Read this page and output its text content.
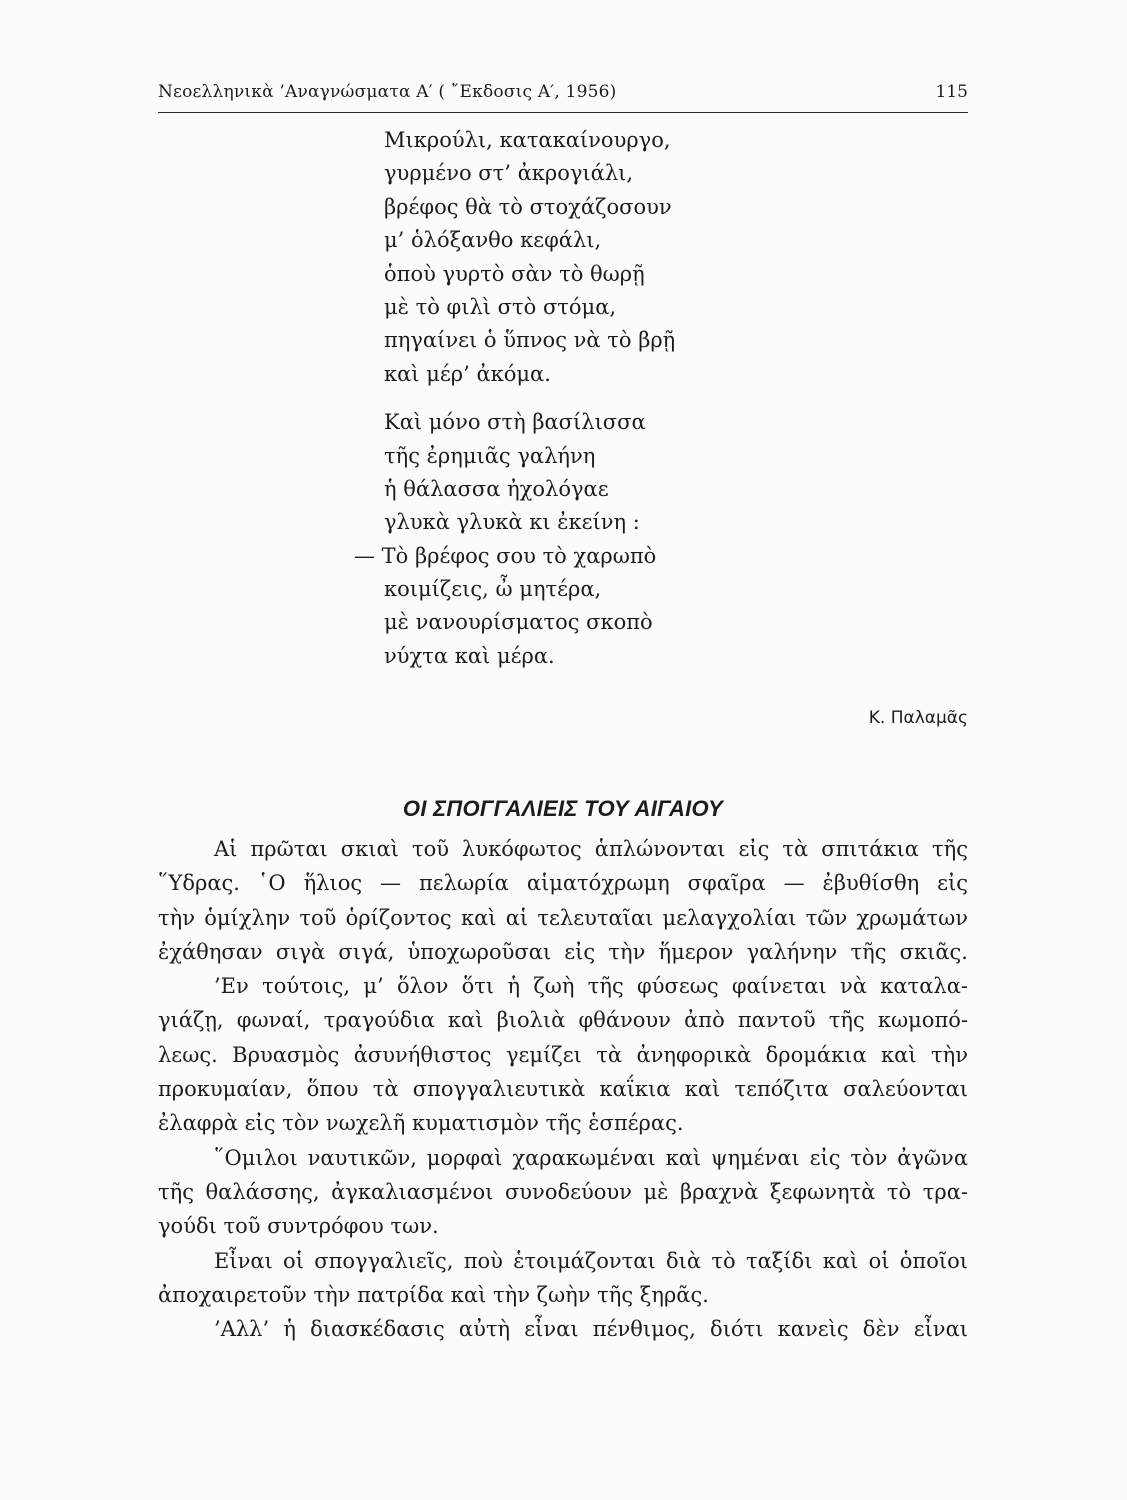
Νεοελληνικὰ ’Αναγνώσματα Α′ ( ῎Εκδοσις Α′, 1956)	115
Μικρούλι, κατακαίνουργο,
γυρμένο στ’ ἀκρογιάλι,
βρέφος θὰ τὸ στοχάζοσουν
μ’ ὁλόξανθο κεφάλι,
ὁποὺ γυρτὸ σὰν τὸ θωρῇ
μὲ τὸ φιλὶ στὸ στόμα,
πηγαίνει ὁ ὕπνος νὰ τὸ βρῇ
καὶ μέρ’ ἀκόμα.
Καὶ μόνο στὴ βασίλισσα
τῆς ἐρημιᾶς γαλήνη
ἡ θάλασσα ἠχολόγαε
γλυκὰ γλυκὰ κι ἐκείνη :
— Τὸ βρέφος σου τὸ χαρωπὸ
κοιμίζεις, ὦ μητέρα,
μὲ νανουρίσματος σκοπὸ
νύχτα καὶ μέρα.
Κ. Παλαμᾶς
ΟΙ ΣΠΟΓΓΑΛΙΕΙΣ ΤΟΥ ΑΙΓΑΙΟΥ
Αἱ πρῶται σκιαὶ τοῦ λυκόφωτος ἁπλώνονται εἰς τὰ σπιτάκια τῆς
῞Υδρας. ῾Ο ἥλιος — πελωρία αἱματόχρωμη σφαῖρα — ἐβυθίσθη εἰς
τὴν ὁμίχλην τοῦ ὁρίζοντος καὶ αἱ τελευταῖαι μελαγχολίαι τῶν χρωμάτων
ἐχάθησαν σιγὰ σιγά, ὑποχωροῦσαι εἰς τὴν ἥμερον γαλήνην τῆς σκιᾶς.
’Εν τούτοις, μ’ ὅλον ὅτι ἡ ζωὴ τῆς φύσεως φαίνεται νὰ καταλα-
γιάζῃ, φωναί, τραγούδια καὶ βιολιὰ φθάνουν ἀπὸ παντοῦ τῆς κωμοπό-
λεως. Βρυασμὸς ἀσυνήθιστος γεμίζει τὰ ἀνηφορικὰ δρομάκια καὶ τὴν
προκυμαίαν, ὅπου τὰ σπογγαλιευτικὰ καΐκια καὶ τεπόζιτα σαλεύονται
ἐλαφρὰ εἰς τὸν νωχελῆ κυματισμὸν τῆς ἑσπέρας.
῞Ομιλοι ναυτικῶν, μορφαὶ χαρακωμέναι καὶ ψημέναι εἰς τὸν ἀγῶνα
τῆς θαλάσσης, ἀγκαλιασμένοι συνοδεύουν μὲ βραχνὰ ξεφωνητὰ τὸ τρα-
γούδι τοῦ συντρόφου των.
Εἶναι οἱ σπογγαλιεῖς, ποὺ ἑτοιμάζονται διὰ τὸ ταξίδι καὶ οἱ ὁποῖοι
ἀποχαιρετοῦν τὴν πατρίδα καὶ τὴν ζωὴν τῆς ξηρᾶς.
’Αλλ’ ἡ διασκέδασις αὐτὴ εἶναι πένθιμος, διότι κανεὶς δὲν εἶναι
